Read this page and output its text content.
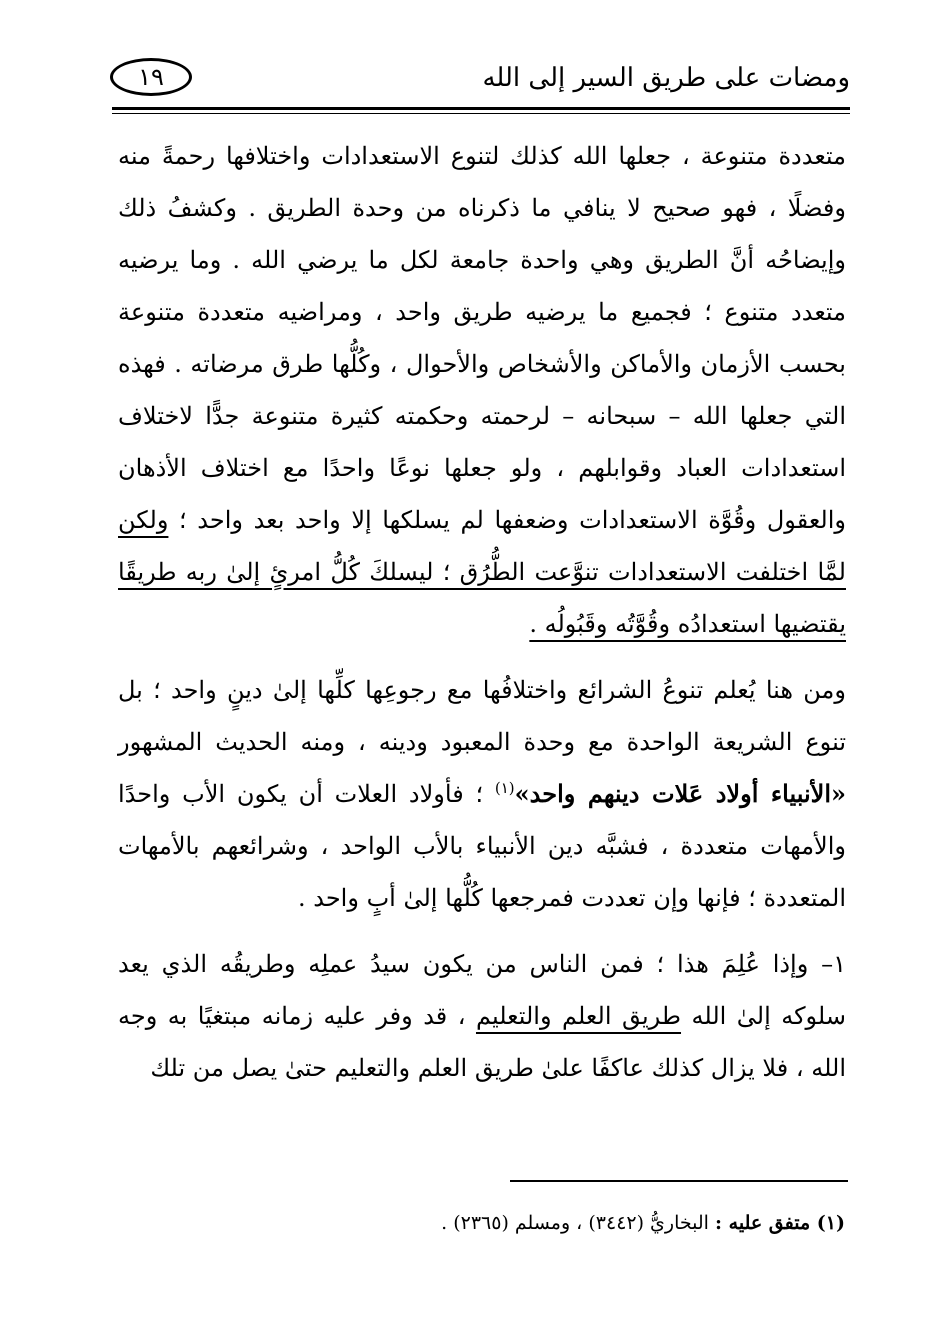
ومضات على طريق السير إلى الله
١٩

متعددة متنوعة ، جعلها الله كذلك لتنوع الاستعدادات واختلافها رحمةً منه وفضلًا ، فهو صحيح لا ينافي ما ذكرناه من وحدة الطريق . وكشفُ ذلك وإيضاحُه أنَّ الطريق وهي واحدة جامعة لكل ما يرضي الله . وما يرضيه متعدد متنوع ؛ فجميع ما يرضيه طريق واحد ، ومراضيه متعددة متنوعة بحسب الأزمان والأماكن والأشخاص والأحوال ، وكُلُّها طرق مرضاته . فهذه التي جعلها الله – سبحانه – لرحمته وحكمته كثيرة متنوعة جدًّا لاختلاف استعدادات العباد وقوابلهم ، ولو جعلها نوعًا واحدًا مع اختلاف الأذهان والعقول وقُوَّة الاستعدادات وضعفها لم يسلكها إلا واحد بعد واحد ؛ ولكن لمَّا اختلفت الاستعدادات تنوَّعت الطُّرُق ؛ ليسلكَ كُلُّ امرئٍ إلىٰ ربه طريقًا يقتضيها استعدادُه وقُوَّتُه وقَبُولُه .

ومن هنا يُعلم تنوعُ الشرائع واختلافُها مع رجوعِها كلِّها إلىٰ دينٍ واحد ؛ بل تنوع الشريعة الواحدة مع وحدة المعبود ودينه ، ومنه الحديث المشهور «الأنبياء أولاد عَلات دينهم واحد»$^{(١)}$ ؛ فأولاد العلات أن يكون الأب واحدًا والأمهات متعددة ، فشبَّه دين الأنبياء بالأب الواحد ، وشرائعهم بالأمهات المتعددة ؛ فإنها وإن تعددت فمرجعها كُلُّها إلىٰ أبٍ واحد .

١– وإذا عُلِمَ هذا ؛ فمن الناس من يكون سيدُ عملِه وطريقُه الذي يعد سلوكه إلىٰ الله طريق العلم والتعليم ، قد وفر عليه زمانه مبتغيًا به وجه الله ، فلا يزال كذلك عاكفًا علىٰ طريق العلم والتعليم حتىٰ يصل من تلك

(١) متفق عليه : البخاريُّ (٣٤٤٢) ، ومسلم (٢٣٦٥) .
